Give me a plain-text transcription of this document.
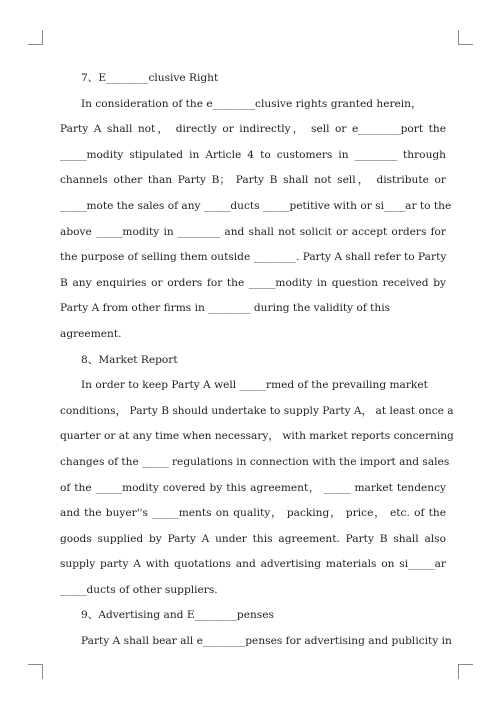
7、E________clusive Right
In consideration of the e________clusive rights granted herein，
Party A shall not， directly or indirectly， sell or e________port the
_____modity stipulated in Article 4 to customers in ________ through
channels other than Party B； Party B shall not sell， distribute or
_____mote the sales of any _____ducts _____petitive with or si____ar to the
above _____modity in ________ and shall not solicit or accept orders for
the purpose of selling them outside ________. Party A shall refer to Party
B any enquiries or orders for the _____modity in question received by
Party A from other firms in ________ during the validity of this
agreement.
8、Market Report
In order to keep Party A well _____rmed of the prevailing market
conditions， Party B should undertake to supply Party A， at least once a
quarter or at any time when necessary， with market reports concerning
changes of the _____ regulations in connection with the import and sales
of the _____modity covered by this agreement， _____ market tendency
and the buyer''s _____ments on quality， packing， price， etc. of the
goods supplied by Party A under this agreement. Party B shall also
supply party A with quotations and advertising materials on si_____ar
_____ducts of other suppliers.
9、Advertising and E________penses
Party A shall bear all e________penses for advertising and publicity in
